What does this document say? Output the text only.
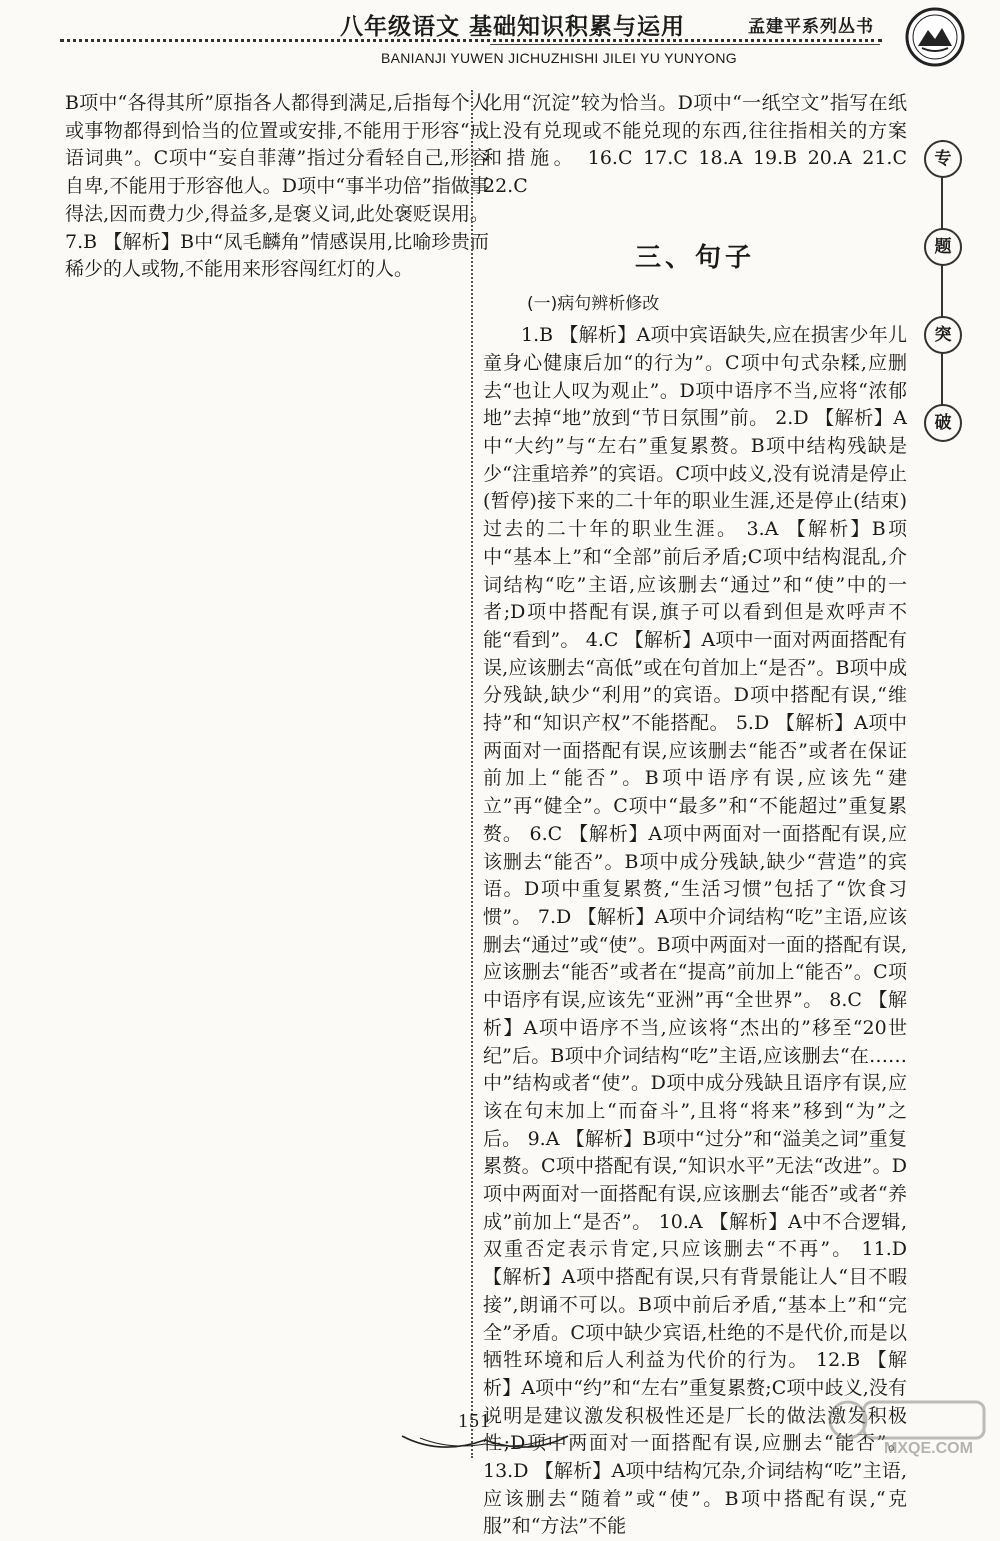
八年级语文 基础知识积累与运用	孟建平系列丛书
BANIANJI YUWEN JICHUZHISHI JILEI YU YUNYONG
专
题
突
破

B项中“各得其所”原指各人都得到满足,后指每个人或事物都得到恰当的位置或安排,不能用于形容“成语词典”。C项中“妄自菲薄”指过分看轻自己,形容自卑,不能用于形容他人。D项中“事半功倍”指做事得法,因而费力少,得益多,是褒义词,此处褒贬误用。 7.B 【解析】B中“凤毛麟角”情感误用,比喻珍贵而稀少的人或物,不能用来形容闯红灯的人。

化用“沉淀”较为恰当。D项中“一纸空文”指写在纸上没有兑现或不能兑现的东西,往往指相关的方案和措施。 16.C 17.C 18.A 19.B 20.A 21.C 22.C

三、句子
(一)病句辨析修改

1.B 【解析】A项中宾语缺失,应在损害少年儿童身心健康后加“的行为”。C项中句式杂糅,应删去“也让人叹为观止”。D项中语序不当,应将“浓郁地”去掉“地”放到“节日氛围”前。 2.D 【解析】A中“大约”与“左右”重复累赘。B项中结构残缺是少“注重培养”的宾语。C项中歧义,没有说清是停止(暂停)接下来的二十年的职业生涯,还是停止(结束)过去的二十年的职业生涯。 3.A 【解析】B项中“基本上”和“全部”前后矛盾;C项中结构混乱,介词结构“吃”主语,应该删去“通过”和“使”中的一者;D项中搭配有误,旗子可以看到但是欢呼声不能“看到”。 4.C 【解析】A项中一面对两面搭配有误,应该删去“高低”或在句首加上“是否”。B项中成分残缺,缺少“利用”的宾语。D项中搭配有误,“维持”和“知识产权”不能搭配。 5.D 【解析】A项中两面对一面搭配有误,应该删去“能否”或者在保证前加上“能否”。B项中语序有误,应该先“建立”再“健全”。C项中“最多”和“不能超过”重复累赘。 6.C 【解析】A项中两面对一面搭配有误,应该删去“能否”。B项中成分残缺,缺少“营造”的宾语。D项中重复累赘,“生活习惯”包括了“饮食习惯”。 7.D 【解析】A项中介词结构“吃”主语,应该删去“通过”或“使”。B项中两面对一面的搭配有误,应该删去“能否”或者在“提高”前加上“能否”。C项中语序有误,应该先“亚洲”再“全世界”。 8.C 【解析】A项中语序不当,应该将“杰出的”移至“20世纪”后。B项中介词结构“吃”主语,应该删去“在……中”结构或者“使”。D项中成分残缺且语序有误,应该在句末加上“而奋斗”,且将“将来”移到“为”之后。 9.A 【解析】B项中“过分”和“溢美之词”重复累赘。C项中搭配有误,“知识水平”无法“改进”。D项中两面对一面搭配有误,应该删去“能否”或者“养成”前加上“是否”。 10.A 【解析】A中不合逻辑,双重否定表示肯定,只应该删去“不再”。 11.D 【解析】A项中搭配有误,只有背景能让人“目不暇接”,朗诵不可以。B项中前后矛盾,“基本上”和“完全”矛盾。C项中缺少宾语,杜绝的不是代价,而是以牺牲环境和后人利益为代价的行为。 12.B 【解析】A项中“约”和“左右”重复累赘;C项中歧义,没有说明是建议激发积极性还是厂长的做法激发积极性;D项中两面对一面搭配有误,应删去“能否”。 13.D 【解析】A项中结构冗杂,介词结构“吃”主语,应该删去“随着”或“使”。B项中搭配有误,“克服”和“方法”不能

151
MXQE.COM
